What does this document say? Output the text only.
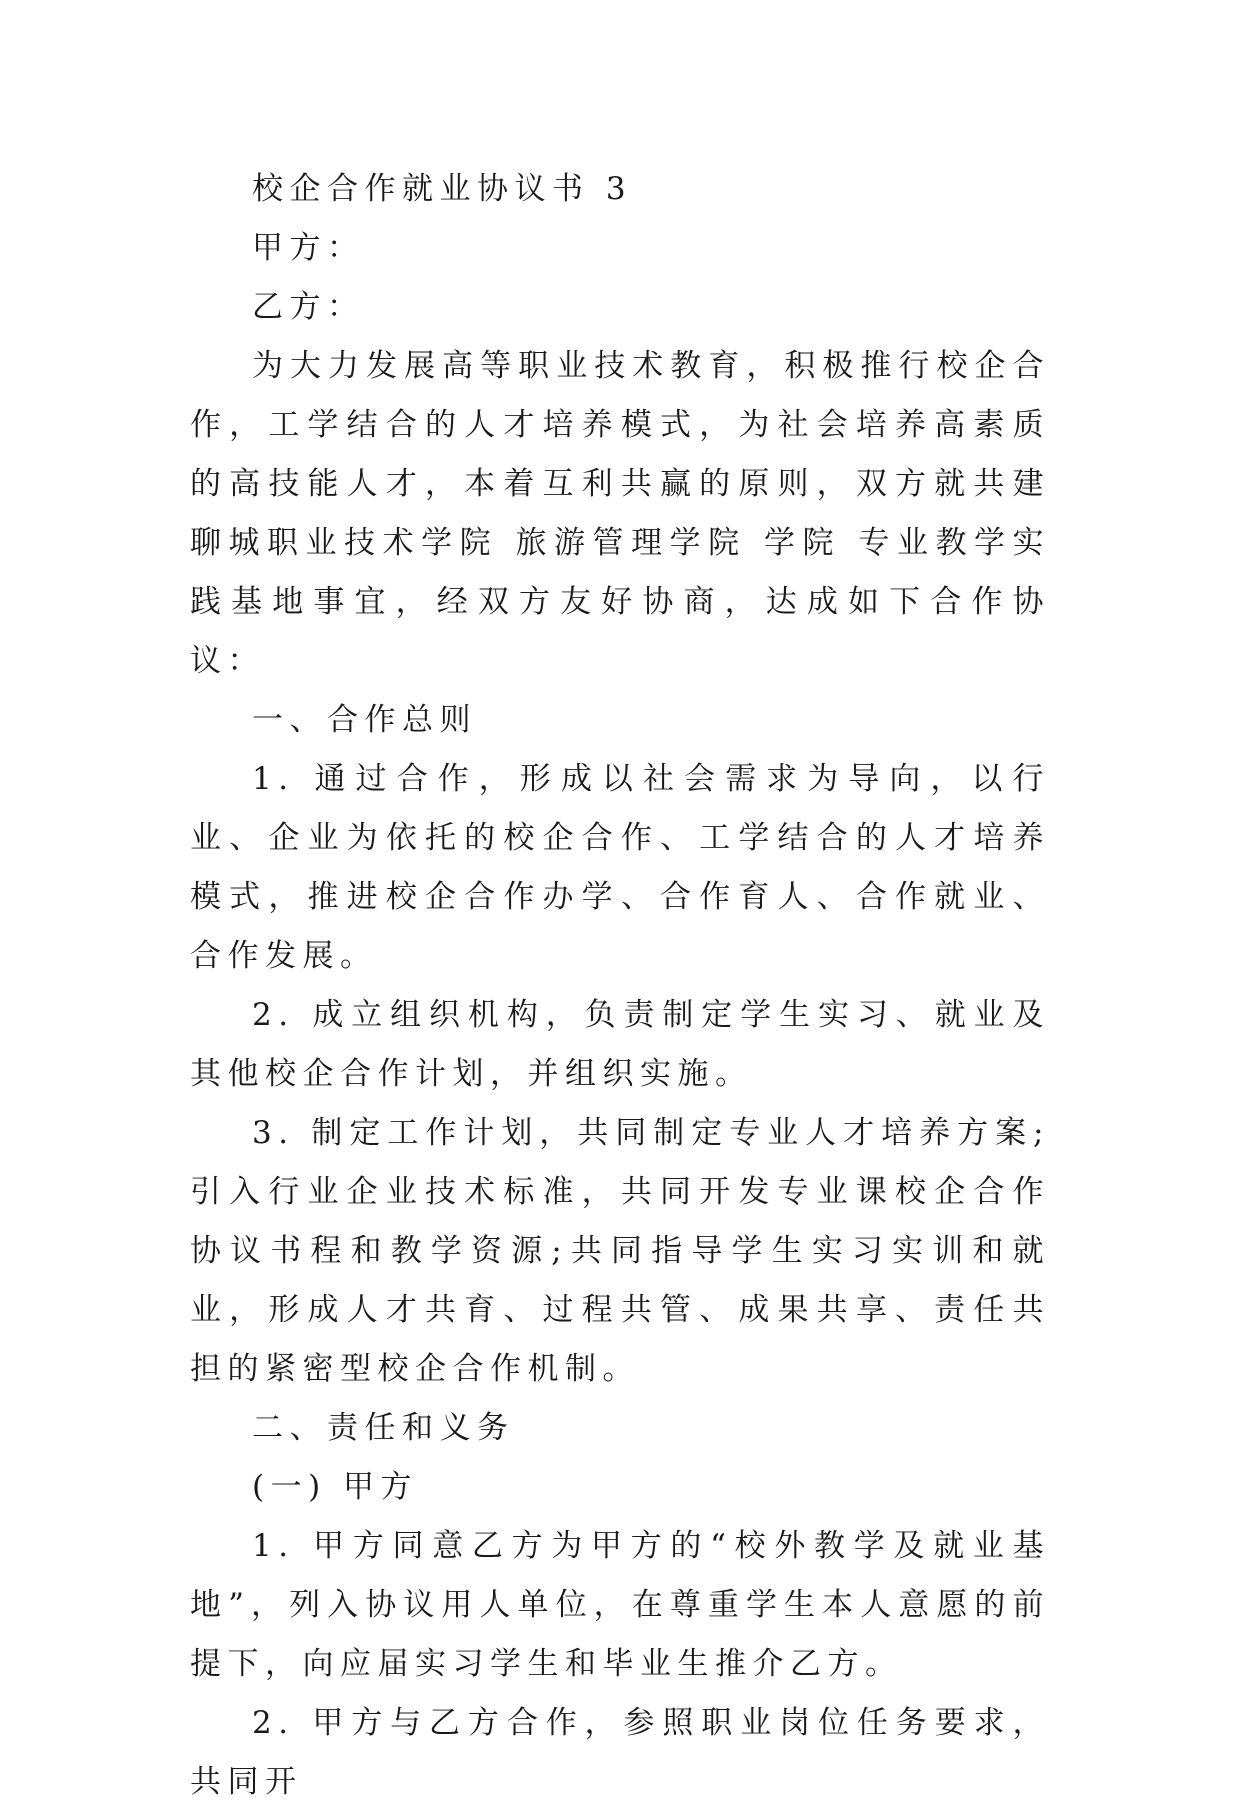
校企合作就业协议书 3

甲方：

乙方：

为大力发展高等职业技术教育，积极推行校企合作，工学结合的人才培养模式，为社会培养高素质的高技能人才，本着互利共赢的原则，双方就共建聊城职业技术学院 旅游管理学院 学院 专业教学实践基地事宜，经双方友好协商，达成如下合作协议：

一、合作总则

1. 通过合作，形成以社会需求为导向，以行业、企业为依托的校企合作、工学结合的人才培养模式，推进校企合作办学、合作育人、合作就业、合作发展。

2. 成立组织机构，负责制定学生实习、就业及其他校企合作计划，并组织实施。

3. 制定工作计划，共同制定专业人才培养方案;引入行业企业技术标准，共同开发专业课校企合作协议书程和教学资源;共同指导学生实习实训和就业，形成人才共育、过程共管、成果共享、责任共担的紧密型校企合作机制。

二、责任和义务

(一) 甲方

1. 甲方同意乙方为甲方的“校外教学及就业基地”，列入协议用人单位，在尊重学生本人意愿的前提下，向应届实习学生和毕业生推介乙方。

2. 甲方与乙方合作，参照职业岗位任务要求，共同开
